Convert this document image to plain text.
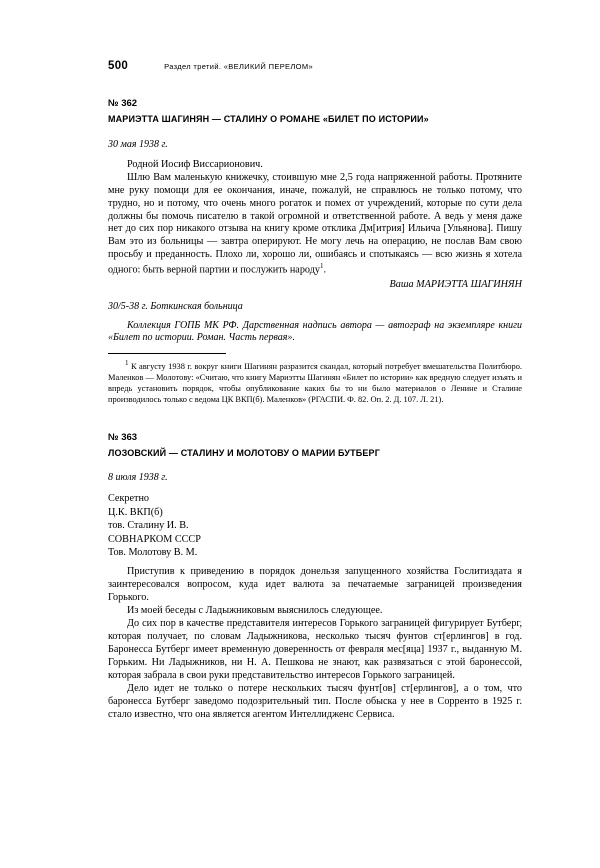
500	Раздел третий. «ВЕЛИКИЙ ПЕРЕЛОМ»

№ 362

МАРИЭТТА ШАГИНЯН — СТАЛИНУ О РОМАНЕ «БИЛЕТ ПО ИСТОРИИ»

30 мая 1938 г.

Родной Иосиф Виссарионович.

Шлю Вам маленькую книжечку, стоившую мне 2,5 года напряженной работы. Протяните мне руку помощи для ее окончания, иначе, пожалуй, не справлюсь не только потому, что трудно, но и потому, что очень много рогаток и помех от учреждений, которые по сути дела должны бы помочь писателю в такой огромной и ответственной работе. А ведь у меня даже нет до сих пор никакого отзыва на книгу кроме отклика Дм[итрия] Ильича [Ульянова]. Пишу Вам это из больницы — завтра оперируют. Не могу лечь на операцию, не послав Вам свою просьбу и преданность. Плохо ли, хорошо ли, ошибаясь и спотыкаясь — всю жизнь я хотела одного: быть верной партии и послужить народу$^1$.

Ваша МАРИЭТТА ШАГИНЯН

30/5-38 г. Боткинская больница

Коллекция ГОПБ МК РФ. Дарственная надпись автора — автограф на экземпляре книги «Билет по истории. Роман. Часть первая».

$^1$ К августу 1938 г. вокруг книги Шагинян разразится скандал, который потребует вмешательства Политбюро. Маленков — Молотову: «Считаю, что книгу Мариэтты Шагинян «Билет по истории» как вредную следует изъять и впредь установить порядок, чтобы опубликование каких бы то ни было материалов о Ленине и Сталине производилось только с ведома ЦК ВКП(б). Маленков» (РГАСПИ. Ф. 82. Оп. 2. Д. 107. Л. 21).

№ 363

ЛОЗОВСКИЙ — СТАЛИНУ И МОЛОТОВУ О МАРИИ БУТБЕРГ

8 июля 1938 г.

Секретно

Ц.К. ВКП(б)

тов. Сталину И. В.

СОВНАРКОМ СССР

Тов. Молотову В. М.

Приступив к приведению в порядок донельзя запущенного хозяйства Гослитиздата я заинтересовался вопросом, куда идет валюта за печатаемые заграницей произведения Горького.

Из моей беседы с Ладыжниковым выяснилось следующее.

До сих пор в качестве представителя интересов Горького заграницей фигурирует Бутберг, которая получает, по словам Ладыжникова, несколько тысяч фунтов ст[ерлингов] в год. Баронесса Бутберг имеет временную доверенность от февраля мес[яца] 1937 г., выданную М. Горьким. Ни Ладыжников, ни Н. А. Пешкова не знают, как развязаться с этой баронессой, которая забрала в свои руки представительство интересов Горького заграницей.

Дело идет не только о потере нескольких тысяч фунт[ов] ст[ерлингов], а о том, что баронесса Бутберг заведомо подозрительный тип. После обыска у нее в Сорренто в 1925 г. стало известно, что она является агентом Интеллидженс Сервиса.
